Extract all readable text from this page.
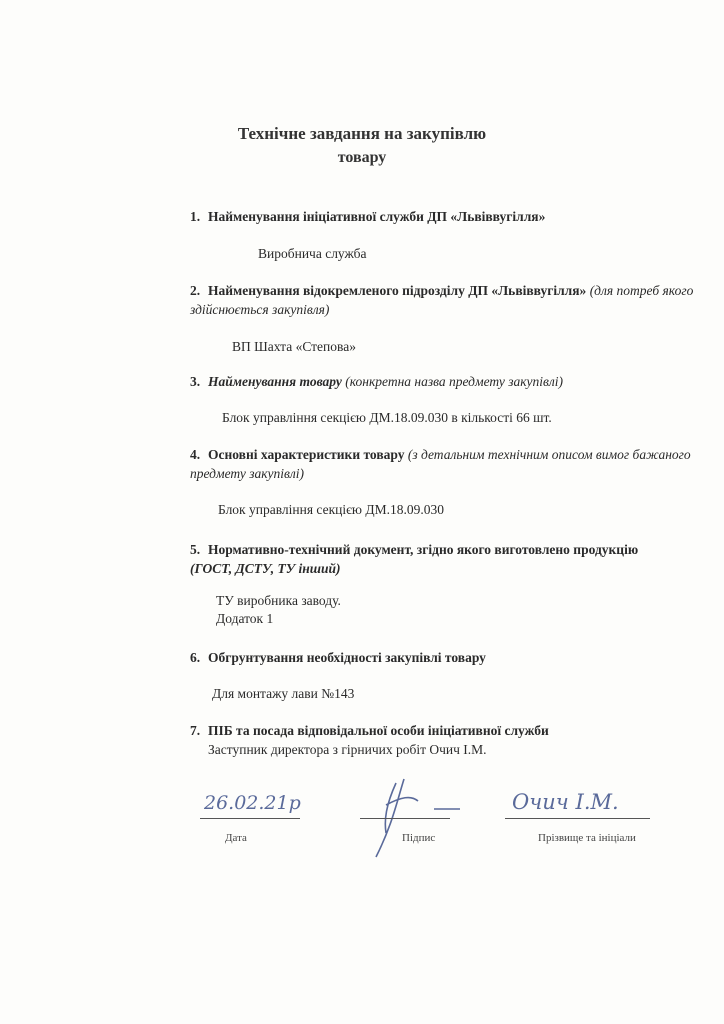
Технічне завдання на закупівлю
товару
1. Найменування ініціативної служби ДП «Львіввугілля»
Виробнича служба
2. Найменування відокремленого підрозділу ДП «Львіввугілля» (для потреб якого здійснюється закупівля)
ВП Шахта «Степова»
3. Найменування товару (конкретна назва предмету закупівлі)
Блок управління секцією ДМ.18.09.030 в кількості 66 шт.
4. Основні характеристики товару (з детальним технічним описом вимог бажаного предмету закупівлі)
Блок управління секцією ДМ.18.09.030
5. Нормативно-технічний документ, згідно якого виготовлено продукцію (ГОСТ, ДСТУ, ТУ інший)
ТУ виробника заводу.
Додаток 1
6. Обгрунтування необхідності закупівлі товару
Для монтажу лави №143
7. ПІБ та посада відповідальної особи ініціативної служби
Заступник директора з гірничих робіт Очич І.М.
26.02.21р
Дата	Підпис
Очич І.М.
Прізвище та ініціали
